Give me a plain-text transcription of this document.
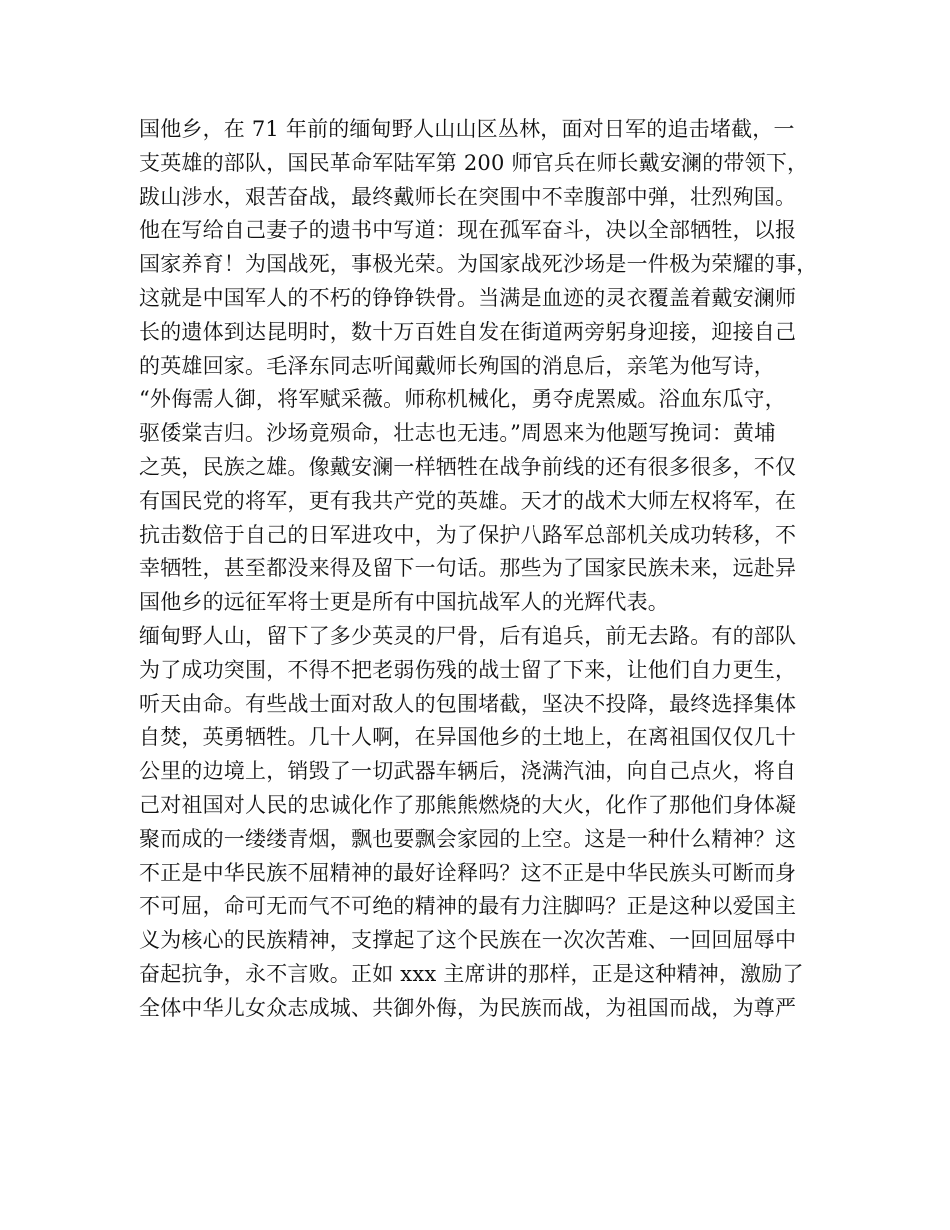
国他乡，在 71 年前的缅甸野人山山区丛林，面对日军的追击堵截，一
支英雄的部队，国民革命军陆军第 200 师官兵在师长戴安澜的带领下，
跋山涉水，艰苦奋战，最终戴师长在突围中不幸腹部中弹，壮烈殉国。
他在写给自己妻子的遗书中写道：现在孤军奋斗，决以全部牺牲，以报
国家养育！为国战死，事极光荣。为国家战死沙场是一件极为荣耀的事，
这就是中国军人的不朽的铮铮铁骨。当满是血迹的灵衣覆盖着戴安澜师
长的遗体到达昆明时，数十万百姓自发在街道两旁躬身迎接，迎接自己
的英雄回家。毛泽东同志听闻戴师长殉国的消息后，亲笔为他写诗，
“外侮需人御，将军赋采薇。师称机械化，勇夺虎罴威。浴血东瓜守，
驱倭棠吉归。沙场竟殒命，壮志也无违。”周恩来为他题写挽词：黄埔
之英，民族之雄。像戴安澜一样牺牲在战争前线的还有很多很多，不仅
有国民党的将军，更有我共产党的英雄。天才的战术大师左权将军，在
抗击数倍于自己的日军进攻中，为了保护八路军总部机关成功转移，不
幸牺牲，甚至都没来得及留下一句话。那些为了国家民族未来，远赴异
国他乡的远征军将士更是所有中国抗战军人的光辉代表。
缅甸野人山，留下了多少英灵的尸骨，后有追兵，前无去路。有的部队
为了成功突围，不得不把老弱伤残的战士留了下来，让他们自力更生，
听天由命。有些战士面对敌人的包围堵截，坚决不投降，最终选择集体
自焚，英勇牺牲。几十人啊，在异国他乡的土地上，在离祖国仅仅几十
公里的边境上，销毁了一切武器车辆后，浇满汽油，向自己点火，将自
己对祖国对人民的忠诚化作了那熊熊燃烧的大火，化作了那他们身体凝
聚而成的一缕缕青烟，飘也要飘会家园的上空。这是一种什么精神？这
不正是中华民族不屈精神的最好诠释吗？这不正是中华民族头可断而身
不可屈，命可无而气不可绝的精神的最有力注脚吗？正是这种以爱国主
义为核心的民族精神，支撑起了这个民族在一次次苦难、一回回屈辱中
奋起抗争，永不言败。正如 xxx 主席讲的那样，正是这种精神，激励了
全体中华儿女众志成城、共御外侮，为民族而战，为祖国而战，为尊严
